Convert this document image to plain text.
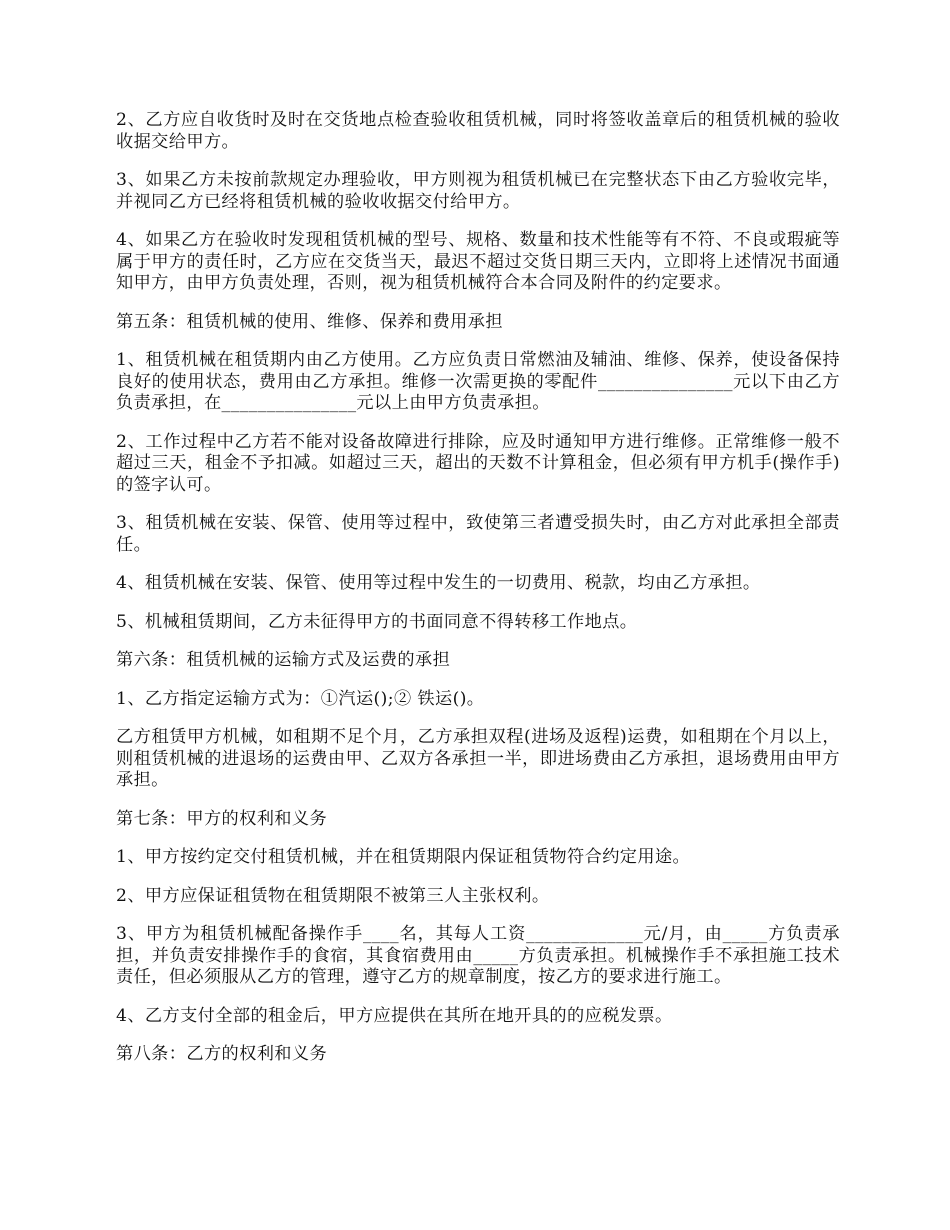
2、乙方应自收货时及时在交货地点检查验收租赁机械，同时将签收盖章后的租赁机械的验收收据交给甲方。

3、如果乙方未按前款规定办理验收，甲方则视为租赁机械已在完整状态下由乙方验收完毕，并视同乙方已经将租赁机械的验收收据交付给甲方。

4、如果乙方在验收时发现租赁机械的型号、规格、数量和技术性能等有不符、不良或瑕疵等属于甲方的责任时，乙方应在交货当天，最迟不超过交货日期三天内，立即将上述情况书面通知甲方，由甲方负责处理，否则，视为租赁机械符合本合同及附件的约定要求。

第五条：租赁机械的使用、维修、保养和费用承担

1、租赁机械在租赁期内由乙方使用。乙方应负责日常燃油及辅油、维修、保养，使设备保持良好的使用状态，费用由乙方承担。维修一次需更换的零配件_______________元以下由乙方负责承担，在_______________元以上由甲方负责承担。

2、工作过程中乙方若不能对设备故障进行排除，应及时通知甲方进行维修。正常维修一般不超过三天，租金不予扣减。如超过三天，超出的天数不计算租金，但必须有甲方机手(操作手)的签字认可。

3、租赁机械在安装、保管、使用等过程中，致使第三者遭受损失时，由乙方对此承担全部责任。

4、租赁机械在安装、保管、使用等过程中发生的一切费用、税款，均由乙方承担。

5、机械租赁期间，乙方未征得甲方的书面同意不得转移工作地点。

第六条：租赁机械的运输方式及运费的承担

1、乙方指定运输方式为：①汽运();② 铁运()。

乙方租赁甲方机械，如租期不足个月，乙方承担双程(进场及返程)运费，如租期在个月以上，则租赁机械的进退场的运费由甲、乙双方各承担一半，即进场费由乙方承担，退场费用由甲方承担。

第七条：甲方的权利和义务

1、甲方按约定交付租赁机械，并在租赁期限内保证租赁物符合约定用途。

2、甲方应保证租赁物在租赁期限不被第三人主张权利。

3、甲方为租赁机械配备操作手____名，其每人工资_____________元/月，由_____方负责承担，并负责安排操作手的食宿，其食宿费用由_____方负责承担。机械操作手不承担施工技术责任，但必须服从乙方的管理，遵守乙方的规章制度，按乙方的要求进行施工。

4、乙方支付全部的租金后，甲方应提供在其所在地开具的的应税发票。

第八条：乙方的权利和义务
